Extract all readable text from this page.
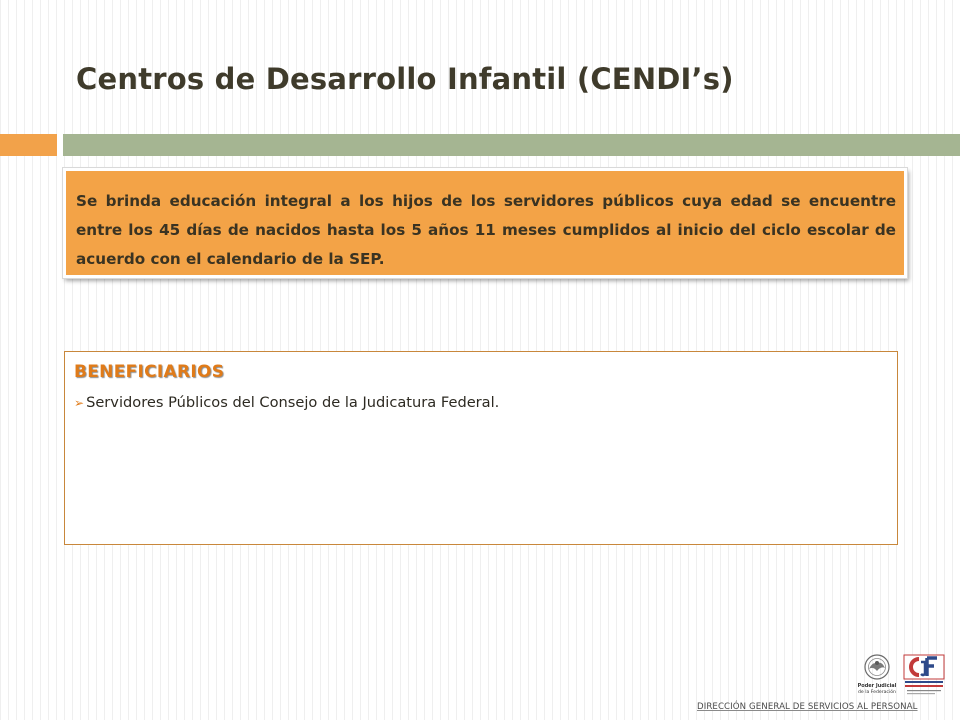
Centros de Desarrollo Infantil (CENDI’s)

Se brinda educación integral a los hijos de los servidores públicos cuya edad se encuentre entre los 45 días de nacidos hasta los 5 años 11 meses cumplidos al inicio del ciclo escolar de acuerdo con el calendario de la SEP.

BENEFICIARIOS
➢ Servidores Públicos del Consejo de la Judicatura Federal.
Poder Judicial
de la Federación
DIRECCIÓN GENERAL DE SERVICIOS AL PERSONAL
